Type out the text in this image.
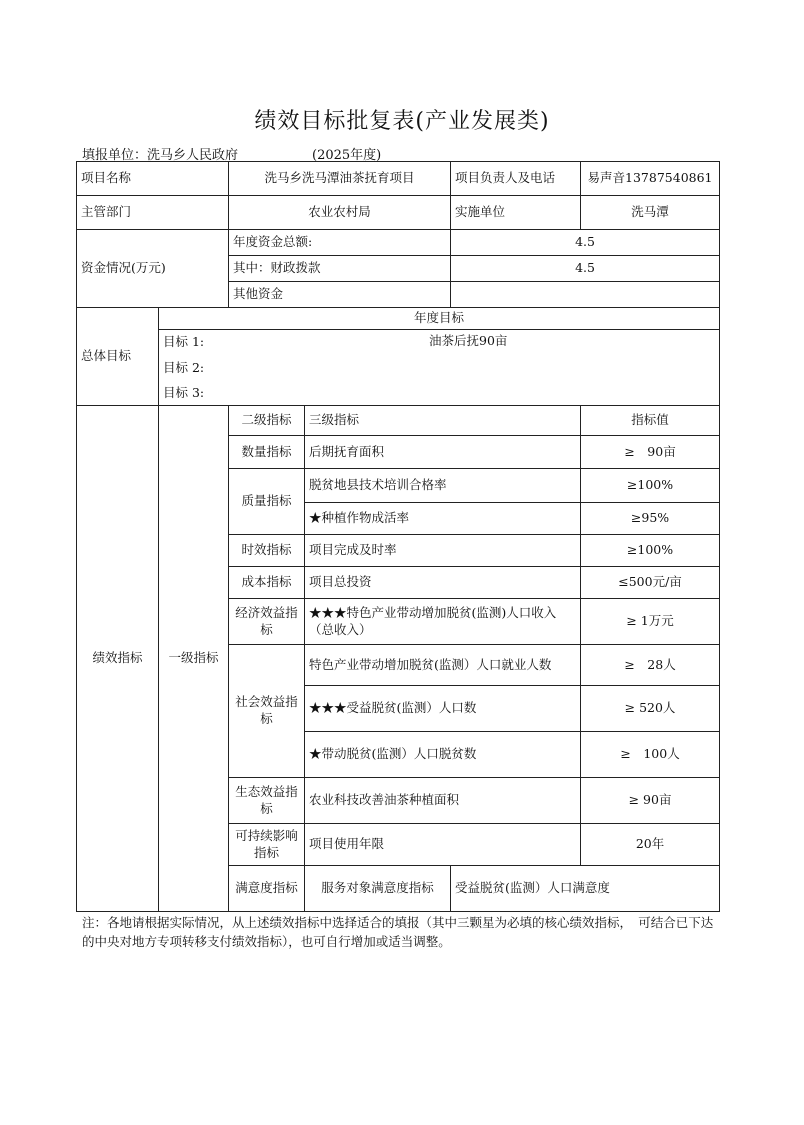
绩效目标批复表(产业发展类)
填报单位：洗马乡人民政府	(2025年度)
项目名称		洗马乡洗马潭油茶抚育项目		项目负责人及电话	易声音13787540861	
主管部门		农业农村局		实施单位	洗马潭	
资金情况(万元)		年度资金总额:		4.5		
		其中：财政拨款		4.5		
		其他资金				
总体目标	年度目标					
	目标 1: 油茶后抚90亩					

	目标 2:					
	目标 3:					
绩效指标	一级指标	二级指标	三级指标		指标值	
		数量指标	后期抚育面积		≥　90亩	
		质量指标	脱贫地县技术培训合格率		≥100%	
			★种植作物成活率		≥95%	
		时效指标	项目完成及时率		≥100%	
		成本指标	项目总投资		≤500元/亩	
		经济效益指标	★★★特色产业带动增加脱贫(监测)人口收入（总收入）		≥ 1万元	
		社会效益指标	特色产业带动增加脱贫(监测）人口就业人数		≥　28人	
			★★★受益脱贫(监测）人口数		≥ 520人	
			★带动脱贫(监测）人口脱贫数		≥　100人	
		生态效益指标	农业科技改善油茶种植面积		≥ 90亩	
		可持续影响指标	项目使用年限		20年	
		满意度指标	服务对象满意度指标	受益脱贫(监测）人口满意度	
注：各地请根据实际情况，从上述绩效指标中选择适合的填报（其中三颗星为必填的核心绩效指标，　可结合已下达的中央对地方专项转移支付绩效指标），也可自行增加或适当调整。
